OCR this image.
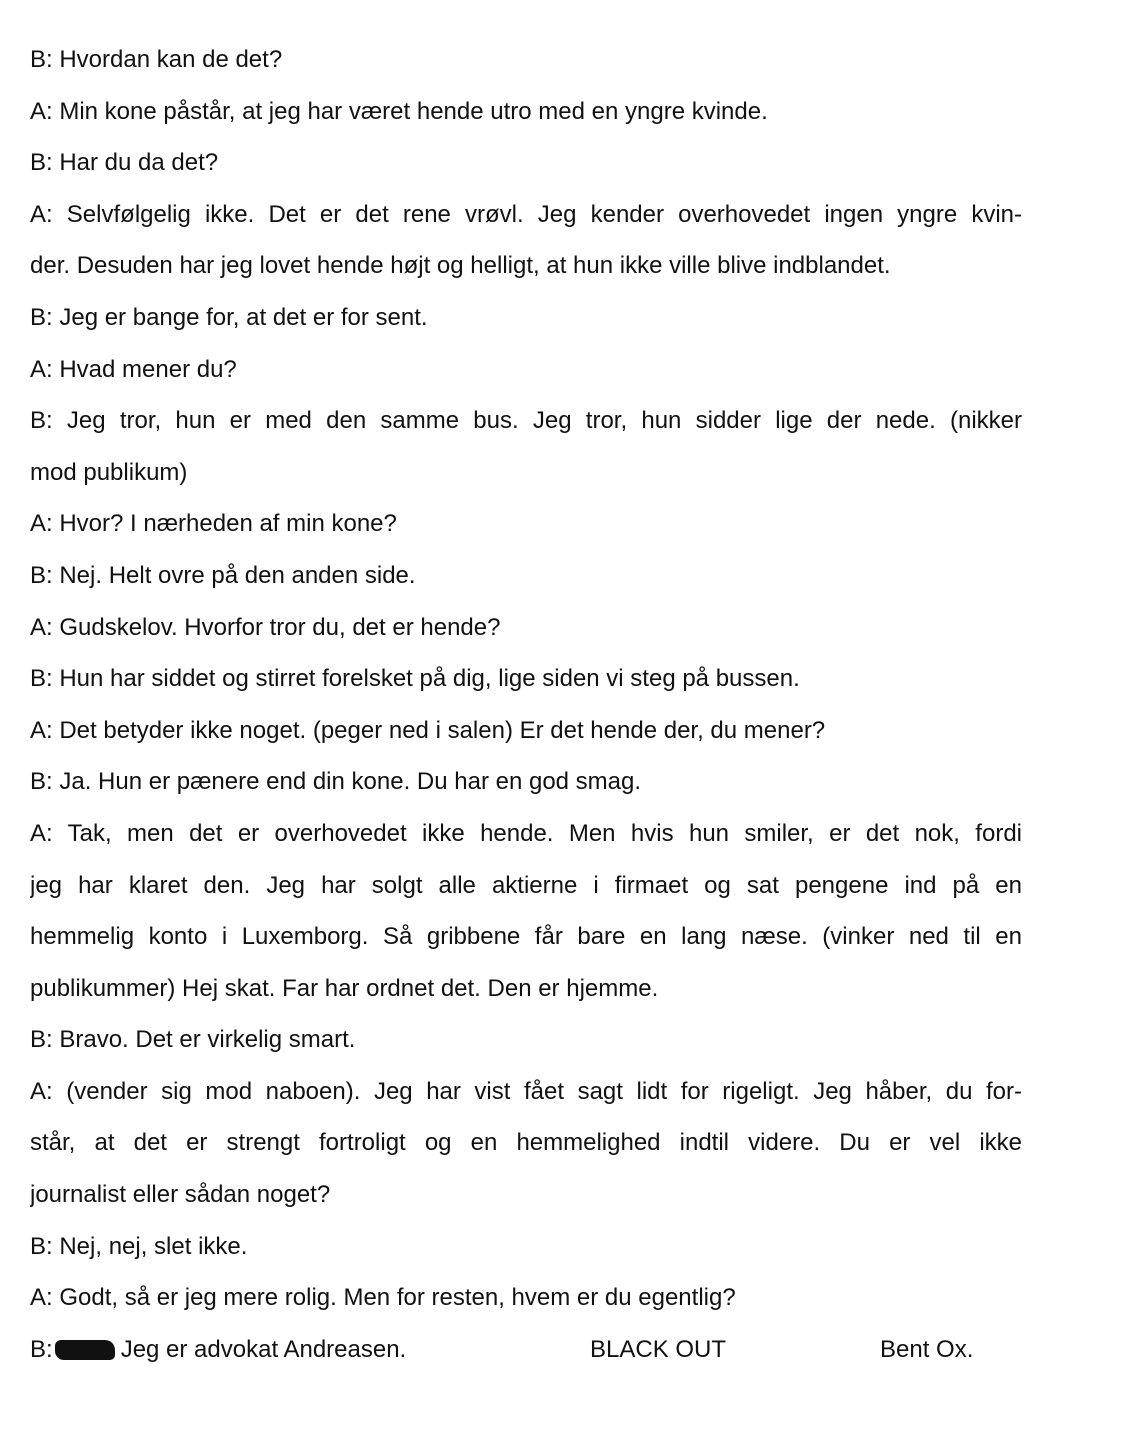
B: Hvordan kan de det?
A: Min kone påstår, at jeg har været hende utro med en yngre kvinde.
B: Har du da det?
A: Selvfølgelig ikke. Det er det rene vrøvl. Jeg kender overhovedet ingen yngre kvin-
der. Desuden har jeg lovet hende højt og helligt, at hun ikke ville blive indblandet.
B: Jeg er bange for, at det er for sent.
A: Hvad mener du?
B: Jeg tror, hun er med den samme bus. Jeg tror, hun sidder lige der nede. (nikker
mod publikum)
A: Hvor? I nærheden af min kone?
B: Nej. Helt ovre på den anden side.
A: Gudskelov. Hvorfor tror du, det er hende?
B: Hun har siddet og stirret forelsket på dig, lige siden vi steg på bussen.
A: Det betyder ikke noget. (peger ned i salen) Er det hende der, du mener?
B: Ja. Hun er pænere end din kone. Du har en god smag.
A: Tak, men det er overhovedet ikke hende. Men hvis hun smiler, er det nok, fordi
jeg har klaret den. Jeg har solgt alle aktierne i firmaet og sat pengene ind på en
hemmelig konto i Luxemborg. Så gribbene får bare en lang næse. (vinker ned til en
publikummer) Hej skat. Far har ordnet det. Den er hjemme.
B: Bravo. Det er virkelig smart.
A: (vender sig mod naboen). Jeg har vist fået sagt lidt for rigeligt. Jeg håber, du for-
står, at det er strengt fortroligt og en hemmelighed indtil videre. Du er vel ikke
journalist eller sådan noget?
B: Nej, nej, slet ikke.
A: Godt, så er jeg mere rolig. Men for resten, hvem er du egentlig?
B:	Jeg er advokat Andreasen.	BLACK OUT	Bent Ox.
